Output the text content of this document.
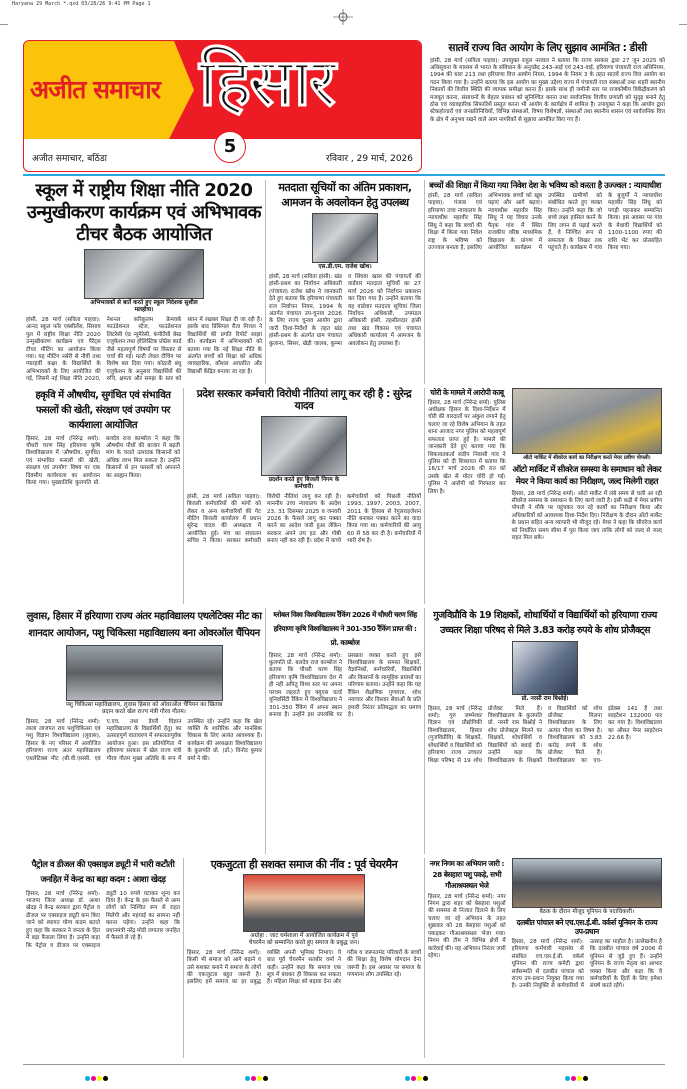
Haryana 29 March *.qxd 03/28/26 9:41 PM Page 1
अजीत समाचार हिसार
अजीत समाचार, बठिंडा
5
रविवार , 29 मार्च, 2026
सातवें राज्य वित आयोग के लिए सुझाव आमंत्रित : डीसी
हांसी, 28 मार्च (सविता पाहवा): उपायुक्त राहुल नरवाल ने बताया कि राज्य सरकार द्वारा 27 जून 2025 को अधिसूचना के माध्यम से भारत के संविधान के अनुच्छेद 243-आई एवं 243-वाई, हरियाणा पंचायती राज अधिनियम, 1994 की धारा 213 तथा हरियाणा वित्त आयोग नियम, 1994 के नियम 3 के तहत सातवें राज्य वित्त आयोग का गठन किया गया है। उन्होंने बताया कि इस आयोग का मुख्य उद्देश्य राज्य में पंचायती राज संस्थाओं तथा शहरी स्थानीय निकायों की वित्तीय स्थिति की व्यापक समीक्षा करना है। इसके साथ ही जमीनी स्तर पर राजकोषीय विकेंद्रीकरण को मजबूत करना, संसाधनों के बेहतर प्रबंधन को सुनिश्चित करना तथा सार्वजनिक वित्तीय प्रणाली को सुदृढ़ बनाने हेतु ठोस एवं व्यावहारिक सिफारिशें प्रस्तुत करना भी आयोग के कार्यक्षेत्र में शामिल है। उपायुक्त ने कहा कि आयोग द्वारा स्टेकहोल्डरों एवं जनप्रतिनिधियों, विभिन्न संस्थाओं, विषय विशेषज्ञों, संस्थाओं तथा स्थानीय शासन एवं सार्वजनिक वित्त के क्षेत्र में अनुभव रखने वाले आम नागरिकों से सुझाव आमंत्रित किए गए हैं।
स्कूल में राष्ट्रीय शिक्षा नीति 2020 उन्मुखीकरण कार्यक्रम एवं अभिभावक टीचर बैठक आयोजित
अभिभावकों से बातें करते हुए स्कूल निदेशक सुशील मलहोत्रा।
हांसी, 28 मार्च (सविता पाहवा): आनंद स्कूल फॉर एक्सीलेंस, सिसाय पुल में राष्ट्रीय शिक्षा नीति 2020 उन्मुखीकरण कार्यक्रम एवं पैरेंट्स टीचर मीटिंग का आयोजन किया गया। यह मीटिंग नर्सरी से नौवीं तथा ग्यारहवीं कक्षा के विद्यार्थियों के अभिभावकों के लिए आयोजित की गई, जिसमें नई शिक्षा नीति 2020, नेशनल करिकुलम फ्रेमवर्क फाउंडेशनल स्टेज, फाउंडेशनल लिटरेसी एंड न्यूमेरेसी, कंपीटेंसी बेस्ड एजुकेशन तथा होलिस्टिक प्रोग्रेस कार्ड जैसे महत्वपूर्ण विषयों पर विस्तार से चर्चा की गई। मल्टी लेवल टीचिंग पर विशेष बल दिया गया। कोठारी बंधु एजुकेशन के अनुसार विद्यार्थियों की रुचि, क्षमता और समझ के स्तर को ध्यान में रखकर शिक्षा दी जा रही है। इसके बाद प्रिंसिपल रीता मित्तल ने विद्यार्थियों की प्रगति रिपोर्ट साझा की। कार्यक्रम में अभिभावकों को बताया गया कि नई शिक्षा नीति के अंतर्गत बच्चों को शिक्षा को अधिक व्यावहारिक, कौशल आधारित और विद्यार्थी केंद्रित बनाया जा रहा है।
मतदाता सूचियों का अंतिम प्रकाशन, आमजन के अवलोकन हेतु उपलब्ध
एस.डी.एम. राजेश खोथ।
हांसी, 28 मार्च (सविता हांसी): खंड हांसी-प्रथम का निर्वाचन अधिकारी (पंचायत) राजेश खोथ ने जानकारी देते हुए बताया कि हरियाणा पंचायती राज निर्वाचन नियम, 1994 के अंतर्गत पंचायत उप-चुनाव 2026 के लिए राज्य चुनाव आयोग द्वारा जारी दिशा-निर्देशों के तहत खंड हांसी-प्रथम के अंतर्गत ग्राम पंचायत कुलाना, सिसर, खेड़ी जालब, कुम्भा व सिंघवा खास की पंचायतों की वार्डवार मतदाता सूचियों का 27 मार्च 2026 को निर्वाचन प्रकाशन कर दिया गया है। उन्होंने बताया कि यह वार्डवार मतदाता सूचियां जिला निर्वाचन अधिकारी, उपमंडल अधिकारी हांसी, तहसीलदार हांसी तथा खंड विकास एवं पंचायत अधिकारी कार्यालय में आमजन के अवलोकन हेतु उपलब्ध हैं।
बच्चों की शिक्षा में किया गया निवेश देश के भविष्य को करता है उज्ज्वल : न्यायाधीश
हांसी, 28 मार्च (सविता पाहवा): पंजाब एवं हरियाणा उच्च न्यायालय के न्यायाधीश महावीर सिंह सिंधु ने कहा कि बच्चों की शिक्षा में किया गया निवेश राष्ट्र के भविष्य को उज्ज्वल बनाता है, इसलिए अभिभावक बच्चों को खूब पढ़ाएं और आगे बढ़ाएं। न्यायाधीश महावीर सिंह सिंधु ने यह विचार उनके पैतृक गांव में स्थित राजकीय वरिष्ठ माध्यमिक विद्यालय के प्रांगण में आयोजित कार्यक्रम में उपस्थित ग्रामीणों को संबोधित करते हुए व्यक्त किए। उन्होंने कहा कि जो बच्चे लक्ष्य हासिल करने के लिए लगन से पढ़ाई करते हैं, वे निश्चित रूप से सफलता के शिखर तक पहुंचते हैं। कार्यक्रम में गांव के बुजुर्गों ने न्यायाधीश महावीर सिंह सिंधु को पगड़ी पहनाकर सम्मानित किया। इस अवसर पर गांव के मेधावी विद्यार्थियों को 1100-1100 रुपए की राशि भेंट कर प्रोत्साहित किया गया।
हकृवि में औषधीय, सुगंधित एवं संभावित फसलों की खेती, संरक्षण एवं उपयोग पर कार्यशाला आयोजित
हिसार, 28 मार्च (निरेन्द्र शर्मा): चौधरी चरण सिंह हरियाणा कृषि विश्वविद्यालय में 'औषधीय, सुगंधित एवं संभावित फसलों की खेती, संरक्षण एवं उपयोग' विषय पर एक दिवसीय कार्यशाला का आयोजन किया गया। मुख्यातिथि कुलपति प्रो. बलदेव राज काम्बोज ने कहा कि औषधीय पौधों की बाजार में बढ़ती मांग के चलते उत्पादक किसानों को अधिक लाभ मिल सकता है। उन्होंने किसानों से इन फसलों को अपनाने का आह्वान किया।
प्रदेश सरकार कर्मचारी विरोधी नीतियां लागू कर रही है : सुरेन्द्र यादव
प्रदर्शन करते हुए बिजली निगम के कर्मचारी।
हांसी, 28 मार्च (सविता पाहवा): बिजली कर्मचारियों की मांगों को लेकर व अन्य कर्मचारियों की गेट मीटिंग बिजली कार्यालय में प्रधान सुरेन्द्र यादव की अध्यक्षता में आयोजित हुई। मंच का संचालन सचिव ने किया। सरकार कर्मचारी विरोधी नीतियां लागू कर रही है। माननीय उच्च न्यायालय के आदेश 23, 31 दिसम्बर 2025 व जनवरी 2026 के फैसले लागू कर पक्का करने का आदेश जारी हुआ लेकिन सरकार अपने तय हठ और गोष्ठी बनाए नहीं कर रही है। प्रदेश में कच्चे कर्मचारियों को पिछली नीतियों 1993, 1997, 2003, 2007, 2011 के हिसाब से रेगुलराइजेशन नीति बनाकर पक्का करने का वादा किया गया था। कर्मचारियों की आयु 60 से 58 कर दी है। कर्मचारियों में भारी रोष है।
चोरी के मामले में आरोपी काबू
हिसार, 28 मार्च (निरेन्द्र शर्मा): पुलिस अधीक्षक हिसार के दिशा-निर्देशन में चोरी की वारदातों पर अंकुश लगाने हेतु चलाए जा रहे विशेष अभियान के तहत थाना आजाद नगर पुलिस को महत्वपूर्ण सफलता प्राप्त हुई है। मामले की जानकारी देते हुए बताया गया कि शिकायतकर्ता संदीप निवासी गांव ने पुलिस को दी शिकायत में बताया कि 16/17 मार्च 2026 की रात को उसके खेत से मोटर चोरी हो गई। पुलिस ने आरोपी को गिरफ्तार कर लिया है।
ऑटो मार्किट में सीवरेज कार्य का निरीक्षण करते मेयर प्रवीण पोपली।
ऑटो मार्किट में सीवरेज समस्या के समाधान को लेकर मेयर ने किया कार्य का निरीक्षण, जल्द मिलेगी राहत
हिसार, 28 मार्च (निरेन्द्र शर्मा): ऑटो मार्केट में लंबे समय से चली आ रही सीवरेज समस्या के समाधान के लिए कार्य जारी है। इसी कड़ी में मेयर प्रवीण पोपली ने मौके पर पहुंचकर चल रहे कार्यों का निरीक्षण किया और अधिकारियों को आवश्यक दिशा-निर्देश दिए। निरीक्षण के दौरान ऑटो मार्केट के प्रधान सहित अन्य व्यापारी भी मौजूद रहे। मेयर ने कहा कि सीवरेज कार्य को निर्धारित समय सीमा में पूरा किया जाए ताकि लोगों को जल्द से जल्द राहत मिल सके।
लुवास, हिसार में हरियाणा राज्य अंतर महाविद्यालय एथलेटिक्स मीट का शानदार आयोजन, पशु चिकित्सा महाविद्यालय बना ओवरऑल चैंपियन
पशु चिकित्सा महाविद्यालय, लुवास हिसार को ओवरऑल चैंपियन का खिताब प्रदान करते खेल राज्य मंत्री गौरव गौतम।
हिसार, 28 मार्च (निरेन्द्र शर्मा): लाला लाजपत राय पशुचिकित्सा एवं पशु विज्ञान विश्वविद्यालय (लुवास), हिसार के नए परिसर में आयोजित हरियाणा राज्य अंतर महाविद्यालय एथलेटिक्स मीट (बी.वी.एससी. एवं ए.एच. तथा डेयरी विज्ञान महाविद्यालय के विद्यार्थियों हेतु) का उत्साहपूर्ण वातावरण में सफलतापूर्वक आयोजन हुआ। इस प्रतियोगिता में हरियाणा सरकार में खेल राज्य मंत्री गौरव गौतम मुख्य अतिथि के रूप में उपस्थित रहे। उन्होंने कहा कि खेल व्यक्ति के शारीरिक और मानसिक विकास के लिए अत्यंत आवश्यक हैं। कार्यक्रम की अध्यक्षता विश्वविद्यालय के कुलपति प्रो. (डॉ.) विनोद कुमार वर्मा ने की।
ग्लोबल विश्व विश्वविद्यालय रैंकिंग 2026 में चौधरी चरण सिंह हरियाणा कृषि विश्वविद्यालय ने 301-350 रैंकिंग प्राप्त की : प्रो. काम्बोज
हिसार, 28 मार्च (निरेन्द्र शर्मा): कुलपति प्रो. बलदेव राज काम्बोज ने बताया कि चौधरी चरण सिंह हरियाणा कृषि विश्वविद्यालय देश में ही नहीं अपितु विश्व स्तर पर अपना परचम लहराते हुए क्यूएस वर्ल्ड यूनिवर्सिटी रैंकिंग में विश्वविद्यालय ने 301-350 रैंकिंग में अपना स्थान बनाया है। उन्होंने इस उपलब्धि पर प्रसन्नता व्यक्त करते हुए इसे विश्वविद्यालय के समस्त शिक्षकों, वैज्ञानिकों, कर्मचारियों, विद्यार्थियों और किसानों के सामूहिक प्रयासों का परिणाम बताया। उन्होंने कहा कि यह रैंकिंग शैक्षणिक गुणवत्ता, शोध नवाचार और विस्तार सेवाओं के प्रति हमारी निरंतर प्रतिबद्धता का प्रमाण है।
गुजविप्रौवि के 19 शिक्षकों, शोधार्थियों व विद्यार्थियों को हरियाणा राज्य उच्चतर शिक्षा परिषद से मिले 3.83 करोड़ रुपये के शोध प्रोजैक्ट्स
प्रो. नरसी राम बिश्नोई।
हिसार, 28 मार्च (निरेन्द्र शर्मा): गुरु जम्भेश्वर विज्ञान एवं प्रौद्योगिकी विश्वविद्यालय, हिसार (गुजविप्रौवि) के शिक्षकों, शोधार्थियों व विद्यार्थियों को हरियाणा राज्य उच्चतर शिक्षा परिषद से 19 शोध प्रोजेक्ट मिले हैं। विश्वविद्यालय के कुलपति प्रो. नरसी राम बिश्नोई ने शोध प्रोजेक्ट्स मिलने पर शिक्षकों, शोधार्थियों व विद्यार्थियों को बधाई दी। उन्होंने कहा कि विश्वविद्यालय के शिक्षकों व विद्यार्थियों को शोध प्रोजेक्ट मिलना विश्वविद्यालय के लिए अत्यंत गौरव का विषय है। विश्वविद्यालय को 3.83 करोड़ रुपये के शोध प्रोजेक्ट मिले हैं। विश्वविद्यालय का एच-इंडेक्स 141 है तथा साइटेशन 132000 पार कर गया है। विश्वविद्यालय का औसत पेपर साइटेशन 22.66 है।
पैट्रोल व डीजल की एक्साइज ड्यूटी में भारी कटौती जनहित में केन्द्र का बड़ा कदम : आशा खेदड़
हिसार, 28 मार्च (निरेन्द्र शर्मा): भाजपा जिला अध्यक्ष डॉ. आशा खेदड़ ने केन्द्र सरकार द्वारा पैट्रोल व डीजल पर एक्साइज ड्यूटी कम किए जाने को स्वागत योग्य कदम बताते हुए कहा कि सरकार ने जनता के हित में बड़ा फैसला लिया है। उन्होंने कहा कि पेट्रोल व डीजल पर एक्साइज ड्यूटी 10 रुपये घटाकर शून्य कर दिया है। केन्द्र के इस फैसले से आम लोगों को निश्चित रूप से राहत मिलेगी और महंगाई का सामना नहीं करना पड़ेगा। उन्होंने कहा कि प्रधानमंत्री नरेंद्र मोदी लगातार जनहित में फैसले ले रहे हैं।
एकजुटता ही सशक्त समाज की नींव : पूर्व चेयरमैन
अग्रोहा : जाट धर्मशाला में आयोजित कार्यक्रम में पूर्व चेयरमैन को सम्मानित करते हुए समाज के प्रबुद्ध जन।
हिसार, 28 मार्च (निरेन्द्र शर्मा): किसी भी समाज को आगे बढ़ाने व उसे सशक्त बनाने में समाज के लोगों की एकजुटता बहुत जरूरी है। इसलिए हमें समाज का हर प्रबुद्ध व्यक्ति अपनी भूमिका निभाए। ये बात पूर्व चेयरमैन सतबीर वर्मा ने कही। उन्होंने कहा कि समाज एक सूत्र में बंधकर ही विकास कर सकता है। महिला शिक्षा को बढ़ावा देना और गरीब व जरूरतमंद परिवारों के बच्चों की शिक्षा हेतु विशेष योगदान देना जरूरी है। इस अवसर पर समाज के गणमान्य लोग उपस्थित रहे।
नगर निगम का अभियान जारी : 28 बेसहारा पशु पकड़े, सभी गौआश्रयस्थल भेजे
हिसार, 28 मार्च (निरेन्द्र शर्मा): नगर निगम द्वारा शहर को बेसहारा पशुओं की समस्या से निजात दिलाने के लिए चलाए जा रहे अभियान के तहत शुक्रवार को 28 बेसहारा पशुओं को पकड़कर गौआश्रयस्थल भेजा गया। निगम की टीम ने विभिन्न क्षेत्रों में कार्रवाई की। यह अभियान निरंतर जारी रहेगा।
बैठक के दौरान मौजूद यूनियन के पदाधिकारी।
दलबीत पांचाल बने एच.एस.ई.बी. वर्कर्स यूनियन के राज्य उप-प्रधान
हिसार, 28 मार्च (निरेन्द्र शर्मा): हरियाणा कर्मचारी महासंघ से संबंधित एच.एस.ई.बी. वर्कर्स यूनियन की राज्य कमेटी द्वारा सर्वसम्मति से दलबीत पांचाल को राज्य उप-प्रधान नियुक्त किया गया है। उनकी नियुक्ति से कर्मचारियों में उत्साह का माहौल है। उल्लेखनीय है कि दलबीत पांचाल वर्ष 2006 से यूनियन से जुड़े हुए हैं। उन्होंने यूनियन के राज्य नेतृत्व का आभार व्यक्त किया और कहा कि वे कर्मचारियों के हितों के लिए हमेशा संघर्ष करते रहेंगे।
